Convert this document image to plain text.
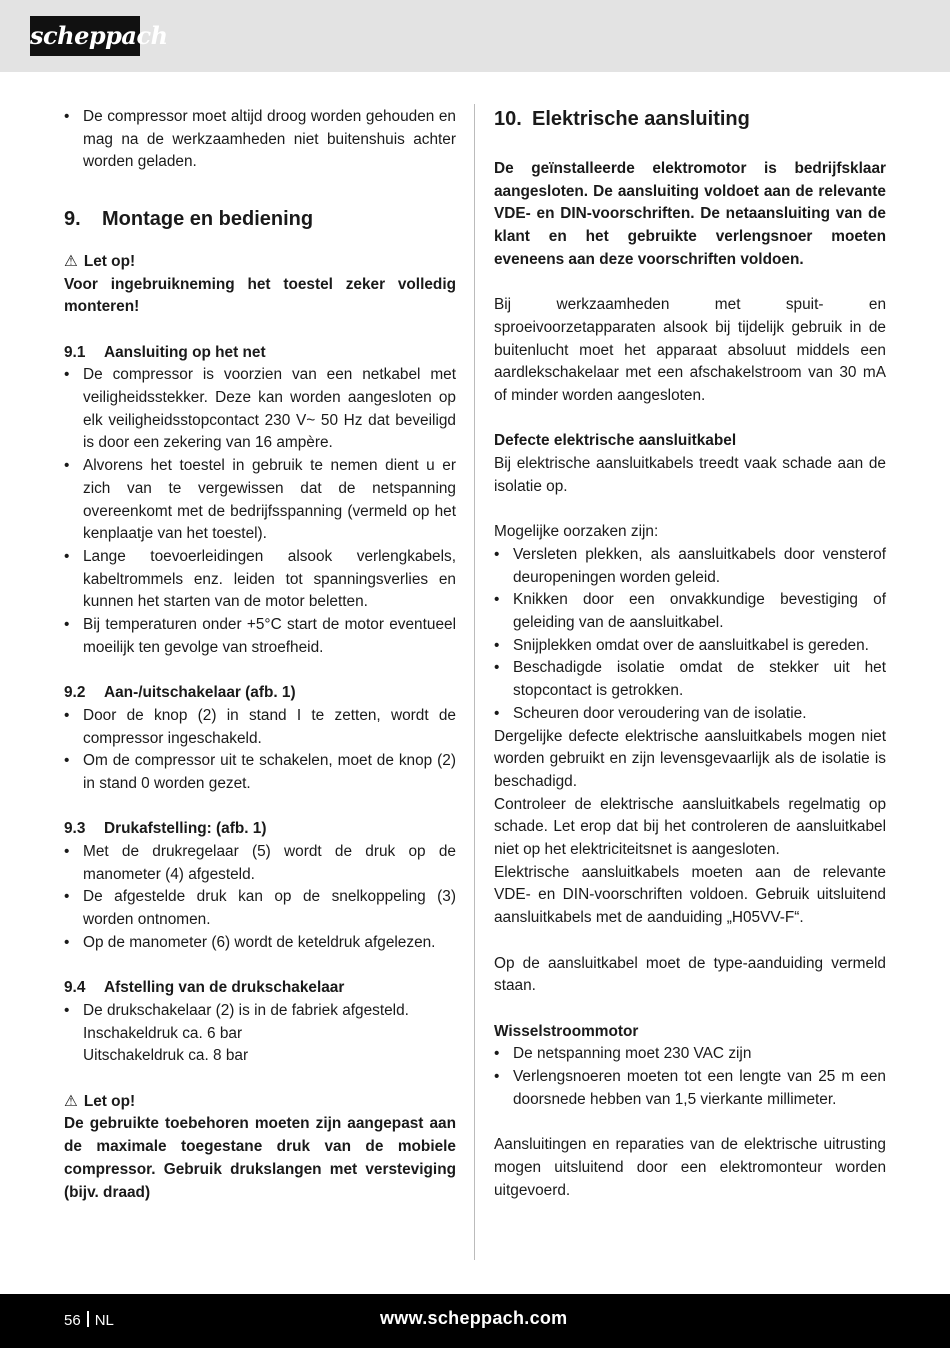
scheppach
• De compressor moet altijd droog worden gehouden en mag na de werkzaamheden niet buitenshuis achter worden geladen.

9. Montage en bediening

⚠ Let op!

Voor ingebruikneming het toestel zeker volledig monteren!

9.1 Aansluiting op het net

• De compressor is voorzien van een netkabel met veiligheidsstekker. Deze kan worden aangesloten op elk veiligheidsstopcontact 230 V~ 50 Hz dat beveiligd is door een zekering van 16 ampère.
• Alvorens het toestel in gebruik te nemen dient u er zich van te vergewissen dat de netspanning overeenkomt met de bedrijfsspanning (vermeld op het kenplaatje van het toestel).
• Lange toevoerleidingen alsook verlengkabels, kabeltrommels enz. leiden tot spanningsverlies en kunnen het starten van de motor beletten.
• Bij temperaturen onder +5°C start de motor eventueel moeilijk ten gevolge van stroefheid.

9.2 Aan-/uitschakelaar (afb. 1)

• Door de knop (2) in stand I te zetten, wordt de compressor ingeschakeld.
• Om de compressor uit te schakelen, moet de knop (2) in stand 0 worden gezet.

9.3 Drukafstelling: (afb. 1)

• Met de drukregelaar (5) wordt de druk op de manometer (4) afgesteld.
• De afgestelde druk kan op de snelkoppeling (3) worden ontnomen.
• Op de manometer (6) wordt de keteldruk afgelezen.

9.4 Afstelling van de drukschakelaar

• De drukschakelaar (2) is in de fabriek afgesteld.

Inschakeldruk ca. 6 bar

Uitschakeldruk ca. 8 bar

⚠ Let op!

De gebruikte toebehoren moeten zijn aangepast aan de maximale toegestane druk van de mobiele compressor. Gebruik drukslangen met versteviging (bijv. draad)

10. Elektrische aansluiting

De geïnstalleerde elektromotor is bedrijfsklaar aangesloten. De aansluiting voldoet aan de relevante VDE- en DIN-voorschriften. De netaansluiting van de klant en het gebruikte verlengsnoer moeten eveneens aan deze voorschriften voldoen.

Bij werkzaamheden met spuit- en sproeivoorzetapparaten alsook bij tijdelijk gebruik in de buitenlucht moet het apparaat absoluut middels een aardlekschakelaar met een afschakelstroom van 30 mA of minder worden aangesloten.

Defecte elektrische aansluitkabel

Bij elektrische aansluitkabels treedt vaak schade aan de isolatie op.

Mogelijke oorzaken zijn:

• Versleten plekken, als aansluitkabels door vensterof deuropeningen worden geleid.
• Knikken door een onvakkundige bevestiging of geleiding van de aansluitkabel.
• Snijplekken omdat over de aansluitkabel is gereden.
• Beschadigde isolatie omdat de stekker uit het stopcontact is getrokken.
• Scheuren door veroudering van de isolatie.

Dergelijke defecte elektrische aansluitkabels mogen niet worden gebruikt en zijn levensgevaarlijk als de isolatie is beschadigd.

Controleer de elektrische aansluitkabels regelmatig op schade. Let erop dat bij het controleren de aansluitkabel niet op het elektriciteitsnet is aangesloten.

Elektrische aansluitkabels moeten aan de relevante VDE- en DIN-voorschriften voldoen. Gebruik uitsluitend aansluitkabels met de aanduiding „H05VV-F“.

Op de aansluitkabel moet de type-aanduiding vermeld staan.

Wisselstroommotor

• De netspanning moet 230 VAC zijn
• Verlengsnoeren moeten tot een lengte van 25 m een doorsnede hebben van 1,5 vierkante millimeter.

Aansluitingen en reparaties van de elektrische uitrusting mogen uitsluitend door een elektromonteur worden uitgevoerd.

56 NL	www.scheppach.com
